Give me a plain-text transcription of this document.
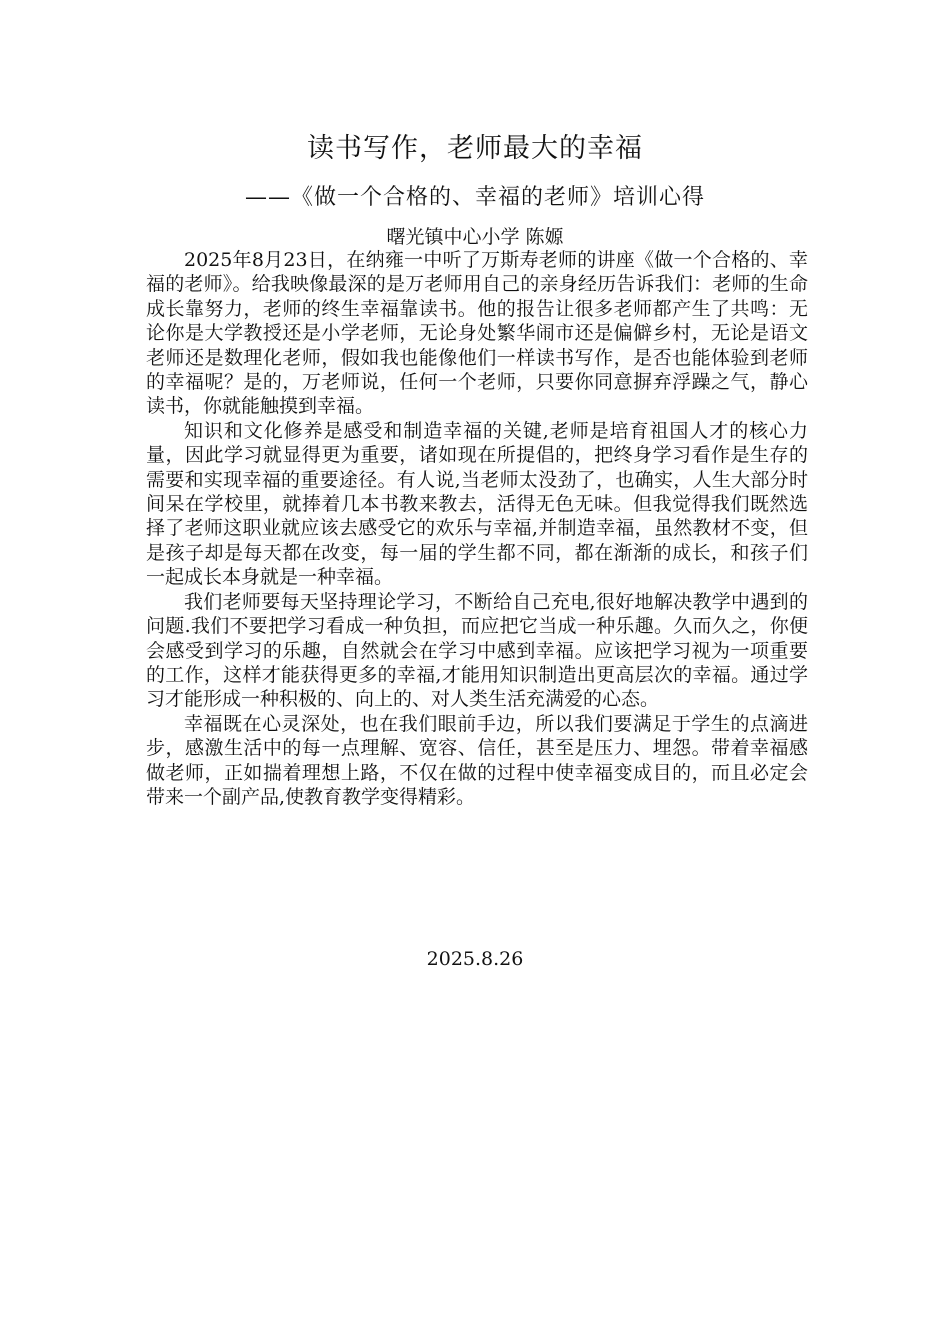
读书写作，老师最大的幸福
——《做一个合格的、幸福的老师》培训心得
曙光镇中心小学 陈嫄

2025年8月23日，在纳雍一中听了万斯寿老师的讲座《做一个合格的、幸福的老师》。给我映像最深的是万老师用自己的亲身经历告诉我们：老师的生命成长靠努力，老师的终生幸福靠读书。他的报告让很多老师都产生了共鸣：无论你是大学教授还是小学老师，无论身处繁华闹市还是偏僻乡村，无论是语文老师还是数理化老师，假如我也能像他们一样读书写作，是否也能体验到老师的幸福呢？是的，万老师说，任何一个老师，只要你同意摒弃浮躁之气，静心读书，你就能触摸到幸福。

知识和文化修养是感受和制造幸福的关键,老师是培育祖国人才的核心力量，因此学习就显得更为重要，诸如现在所提倡的，把终身学习看作是生存的需要和实现幸福的重要途径。有人说,当老师太没劲了，也确实，人生大部分时间呆在学校里，就捧着几本书教来教去，活得无色无味。但我觉得我们既然选择了老师这职业就应该去感受它的欢乐与幸福,并制造幸福，虽然教材不变，但是孩子却是每天都在改变，每一届的学生都不同，都在渐渐的成长，和孩子们一起成长本身就是一种幸福。

我们老师要每天坚持理论学习，不断给自己充电,很好地解决教学中遇到的问题.我们不要把学习看成一种负担，而应把它当成一种乐趣。久而久之，你便会感受到学习的乐趣，自然就会在学习中感到幸福。应该把学习视为一项重要的工作，这样才能获得更多的幸福,才能用知识制造出更高层次的幸福。通过学习才能形成一种积极的、向上的、对人类生活充满爱的心态。

幸福既在心灵深处，也在我们眼前手边，所以我们要满足于学生的点滴进步，感激生活中的每一点理解、宽容、信任，甚至是压力、埋怨。带着幸福感做老师，正如揣着理想上路，不仅在做的过程中使幸福变成目的，而且必定会带来一个副产品,使教育教学变得精彩。

2025.8.26
